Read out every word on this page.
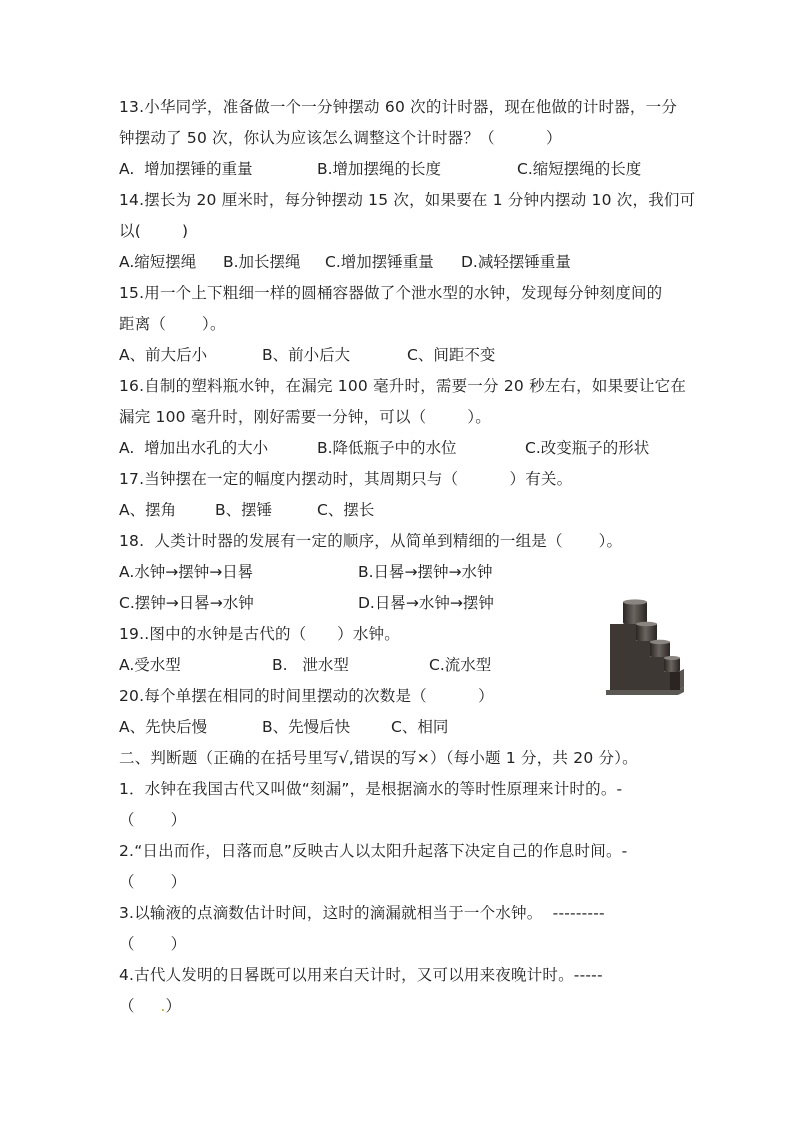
13.小华同学，准备做一个一分钟摆动 60 次的计时器，现在他做的计时器，一分
钟摆动了 50 次，你认为应该怎么调整这个计时器？（          ）
A.  增加摆锤的重量	B.增加摆绳的长度	C.缩短摆绳的长度
14.摆长为 20 厘米时，每分钟摆动 15 次，如果要在 1 分钟内摆动 10 次，我们可
以(        )
A.缩短摆绳 B.加长摆绳 C.增加摆锤重量 D.减轻摆锤重量
15.用一个上下粗细一样的圆桶容器做了个泄水型的水钟，发现每分钟刻度间的
距离（       ）。
A、前大后小	B、前小后大	C、间距不变
16.自制的塑料瓶水钟，在漏完 100 毫升时，需要一分 20 秒左右，如果要让它在
漏完 100 毫升时，刚好需要一分钟，可以（        ）。
A.  增加出水孔的大小	B.降低瓶子中的水位	C.改变瓶子的形状
17.当钟摆在一定的幅度内摆动时，其周期只与（          ）有关。
A、摆角	B、摆锤	C、摆长
18.  人类计时器的发展有一定的顺序，从简单到精细的一组是（       ）。
A.水钟→摆钟→日晷	B.日晷→摆钟→水钟
C.摆钟→日晷→水钟	D.日晷→水钟→摆钟
19..图中的水钟是古代的（      ）水钟。
A.受水型	B.   泄水型	C.流水型
20.每个单摆在相同的时间里摆动的次数是（          ）
A、先快后慢	B、先慢后快	C、相同
二、判断题（正确的在括号里写√,错误的写×）（每小题 1 分，共 20 分）。
1．水钟在我国古代又叫做“刻漏”，是根据滴水的等时性原理来计时的。-
（       ）
2.“日出而作，日落而息”反映古人以太阳升起落下决定自己的作息时间。-
（       ）
3.以输液的点滴数估计时间，这时的滴漏就相当于一个水钟。  ---------
（       ）
4.古代人发明的日晷既可以用来白天计时，又可以用来夜晚计时。-----
（     .）
